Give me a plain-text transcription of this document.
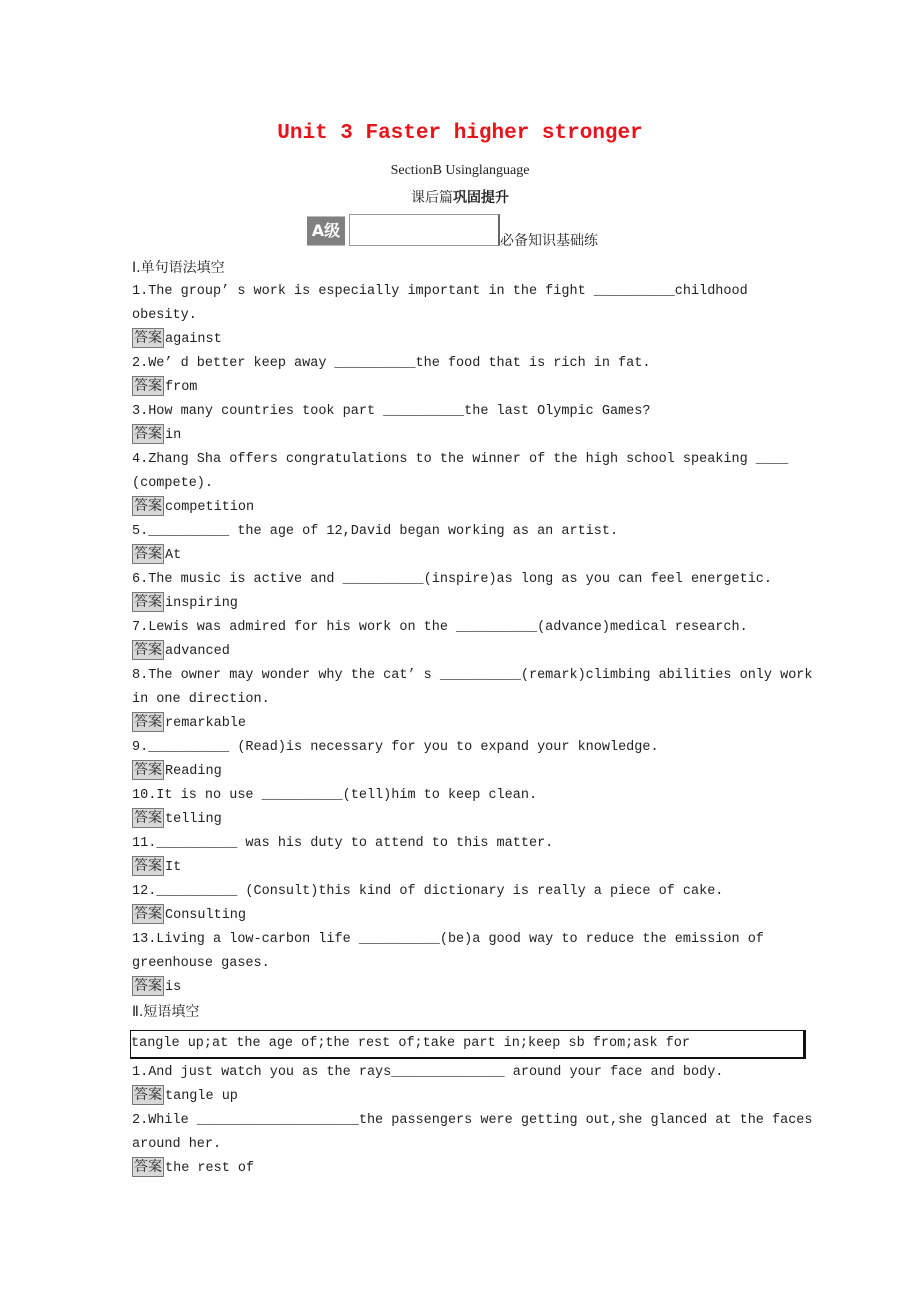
Unit 3 Faster higher stronger
SectionB Usinglanguage
课后篇巩固提升
A级
必备知识基础练
Ⅰ.单句语法填空
1.The group’ s work is especially important in the fight __________childhood
obesity.
答案 against
2.We’ d better keep away __________the food that is rich in fat.
答案 from
3.How many countries took part __________the last Olympic Games?
答案 in
4.Zhang Sha offers congratulations to the winner of the high school speaking ____
(compete).
答案 competition
5.__________ the age of 12,David began working as an artist.
答案 At
6.The music is active and __________(inspire)as long as you can feel energetic.
答案 inspiring
7.Lewis was admired for his work on the __________(advance)medical research.
答案 advanced
8.The owner may wonder why the cat’ s __________(remark)climbing abilities only work
in one direction.
答案 remarkable
9.__________ (Read)is necessary for you to expand your knowledge.
答案 Reading
10.It is no use __________(tell)him to keep clean.
答案 telling
11.__________ was his duty to attend to this matter.
答案 It
12.__________ (Consult)this kind of dictionary is really a piece of cake.
答案 Consulting
13.Living a low-carbon life __________(be)a good way to reduce the emission of
greenhouse gases.
答案 is
Ⅱ.短语填空
tangle up;at the age of;the rest of;take part in;keep sb from;ask for
1.And just watch you as the rays______________ around your face and body.
答案 tangle up
2.While ____________________the passengers were getting out,she glanced at the faces
around her.
答案 the rest of
